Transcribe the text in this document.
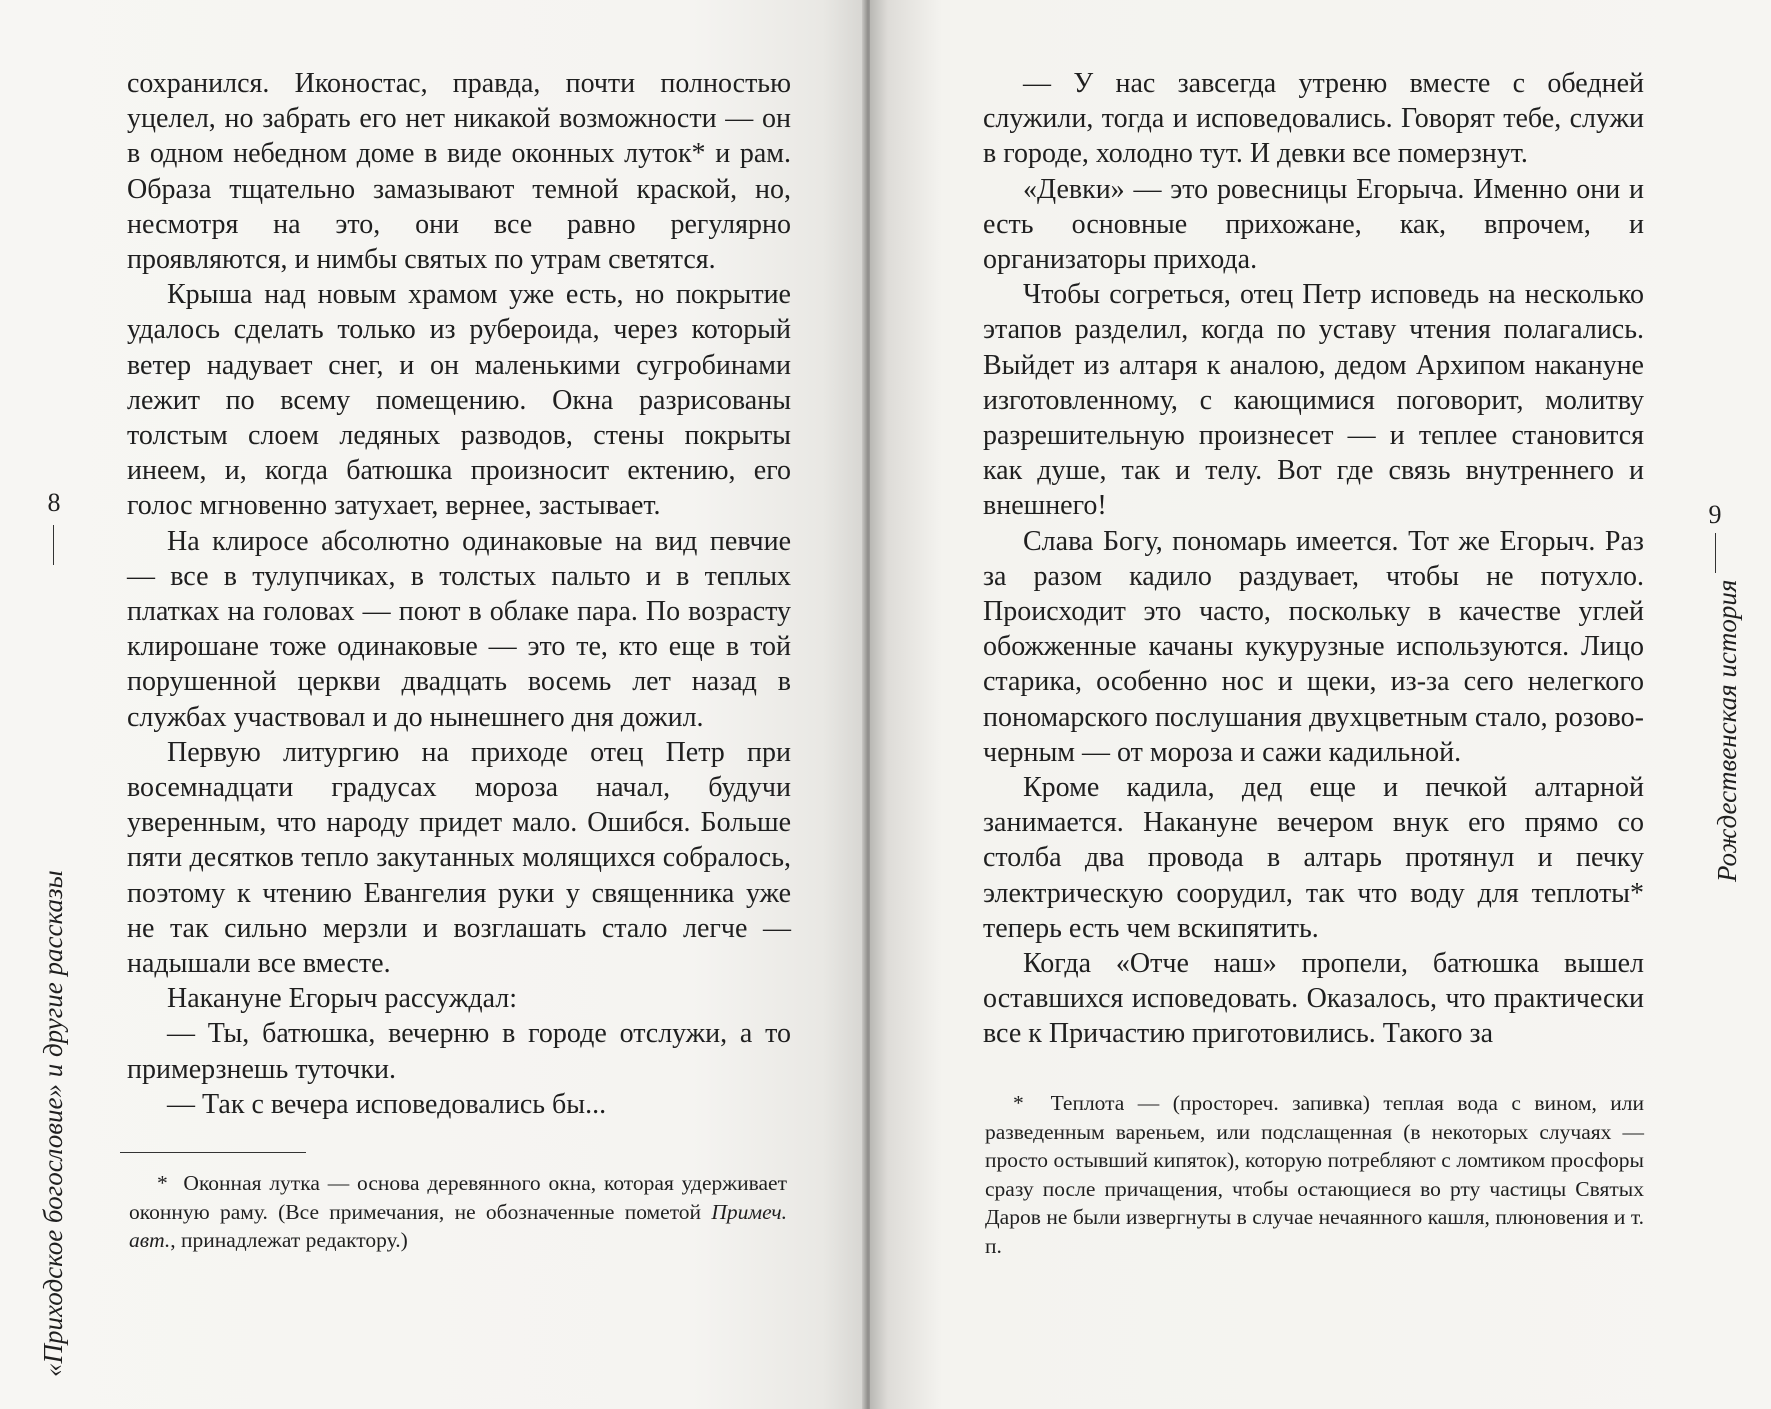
8
«Приходское богословие» и другие рассказы

сохранился. Иконостас, правда, почти полностью уцелел, но забрать его нет никакой возможности — он в одном небедном доме в виде оконных луток* и рам. Образа тщательно замазывают темной краской, но, несмотря на это, они все равно регулярно проявляются, и нимбы святых по утрам светятся.

Крыша над новым храмом уже есть, но покрытие удалось сделать только из рубероида, через который ветер надувает снег, и он маленькими сугробинами лежит по всему помещению. Окна разрисованы толстым слоем ледяных разводов, стены покрыты инеем, и, когда батюшка произносит ектению, его голос мгновенно затухает, вернее, застывает.

На клиросе абсолютно одинаковые на вид певчие — все в тулупчиках, в толстых пальто и в теплых платках на головах — поют в облаке пара. По возрасту клирошане тоже одинаковые — это те, кто еще в той порушенной церкви двадцать восемь лет назад в службах участвовал и до нынешнего дня дожил.

Первую литургию на приходе отец Петр при восемнадцати градусах мороза начал, будучи уверенным, что народу придет мало. Ошибся. Больше пяти десятков тепло закутанных молящихся собралось, поэтому к чтению Евангелия руки у священника уже не так сильно мерзли и возглашать стало легче — надышали все вместе.

Накануне Егорыч рассуждал:

— Ты, батюшка, вечерню в городе отслужи, а то примерзнешь туточки.

— Так с вечера исповедовались бы...

* Оконная лутка — основа деревянного окна, которая удерживает оконную раму. (Все примечания, не обозначенные пометой Примеч. авт., принадлежат редактору.)

— У нас завсегда утреню вместе с обедней служили, тогда и исповедовались. Говорят тебе, служи в городе, холодно тут. И девки все померзнут.

«Девки» — это ровесницы Егорыча. Именно они и есть основные прихожане, как, впрочем, и организаторы прихода.

Чтобы согреться, отец Петр исповедь на несколько этапов разделил, когда по уставу чтения полагались. Выйдет из алтаря к аналою, дедом Архипом накануне изготовленному, с кающимися поговорит, молитву разрешительную произнесет — и теплее становится как душе, так и телу. Вот где связь внутреннего и внешнего!

Слава Богу, пономарь имеется. Тот же Егорыч. Раз за разом кадило раздувает, чтобы не потухло. Происходит это часто, поскольку в качестве углей обожженные качаны кукурузные используются. Лицо старика, особенно нос и щеки, из-за сего нелегкого пономарского послушания двухцветным стало, розово-черным — от мороза и сажи кадильной.

Кроме кадила, дед еще и печкой алтарной занимается. Накануне вечером внук его прямо со столба два провода в алтарь протянул и печку электрическую соорудил, так что воду для теплоты* теперь есть чем вскипятить.

Когда «Отче наш» пропели, батюшка вышел оставшихся исповедовать. Оказалось, что практически все к Причастию приготовились. Такого за

* Теплота — (простореч. запивка) теплая вода с вином, или разведенным вареньем, или подслащенная (в некоторых случаях — просто остывший кипяток), которую потребляют с ломтиком просфоры сразу после причащения, чтобы остающиеся во рту частицы Святых Даров не были извергнуты в случае нечаянного кашля, плюновения и т. п.

9
Рождественская история
